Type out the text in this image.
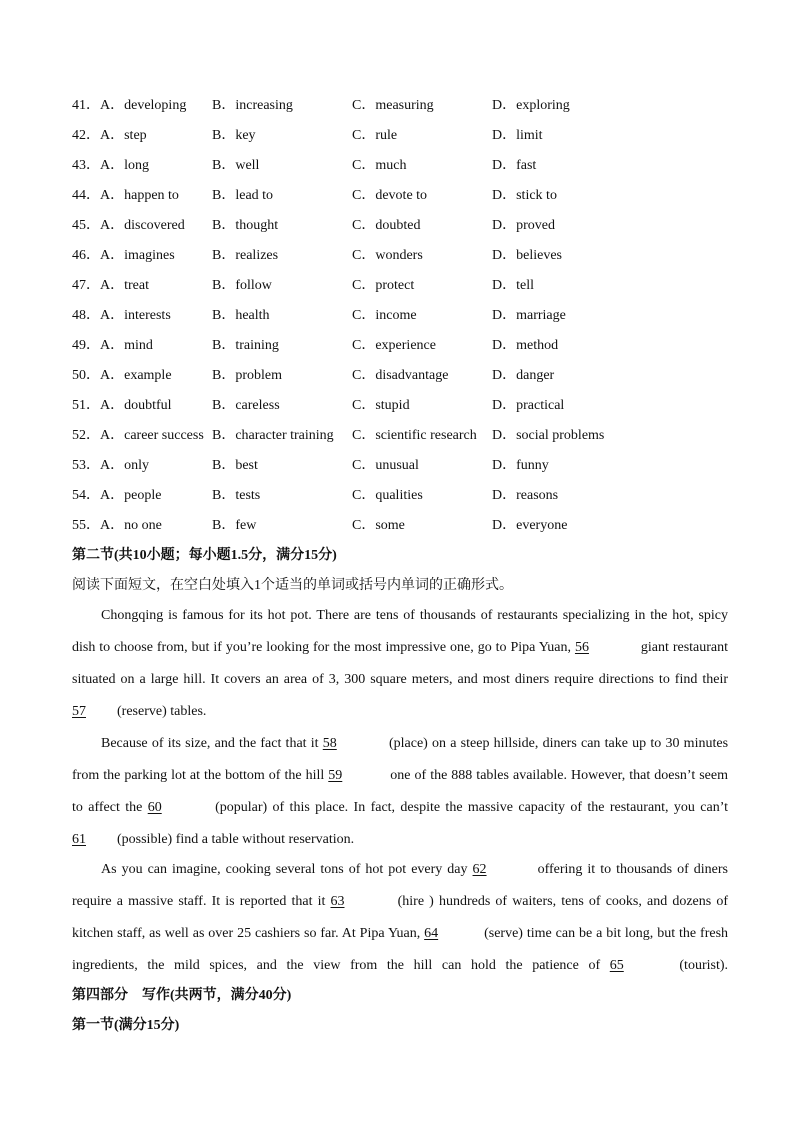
41． A．developing B．increasing	C．measuring	D．exploring
42． A．step	B．key	C．rule	D．limit
43． A．long	B．well	C．much	D．fast
44． A．happen to B．lead to	C．devote to	D．stick to
45． A．discovered B．thought	C．doubted	D．proved
46． A．imagines	B．realizes	C．wonders	D．believes
47． A．treat	B．follow	C．protect	D．tell
48． A．interests	B．health	C．income	D．marriage
49． A．mind	B．training	C．experience	D．method
50． A．example	B．problem	C．disadvantage	D．danger
51． A．doubtful	B．careless	C．stupid	D．practical
52． A．career success B．character training C．scientific research D．social problems
53． A．only	B．best	C．unusual	D．funny
54． A．people	B．tests	C．qualities	D．reasons
55． A．no one	B．few	C．some	D．everyone
第二节(共10小题；每小题1.5分，满分15分)
阅读下面短文，在空白处填入1个适当的单词或括号内单词的正确形式。
Chongqing is famous for its hot pot. There are tens of thousands of restaurants specializing in the hot, spicy
dish to choose from, but if you’re looking for the most impressive one, go to Pipa Yuan, 56	giant restaurant
situated on a large hill. It covers an area of 3, 300 square meters, and most diners require directions to find their
57 (reserve) tables.
Because of its size, and the fact that it 58	(place) on a steep hillside, diners can take up to 30 minutes
from the parking lot at the bottom of the hill 59	one of the 888 tables available. However, that doesn’t seem
to affect the 60	(popular) of this place. In fact, despite the massive capacity of the restaurant, you can’t
61 (possible) find a table without reservation.
As you can imagine, cooking several tons of hot pot every day 62	offering it to thousands of diners
require a massive staff. It is reported that it 63	(hire ) hundreds of waiters, tens of cooks, and dozens of
kitchen staff, as well as over 25 cashiers so far. At Pipa Yuan, 64	(serve) time can be a bit long, but the fresh
ingredients, the mild spices, and the view from the hill can hold the patience of 65	(tourist).
第四部分　写作(共两节，满分40分)
第一节(满分15分)
